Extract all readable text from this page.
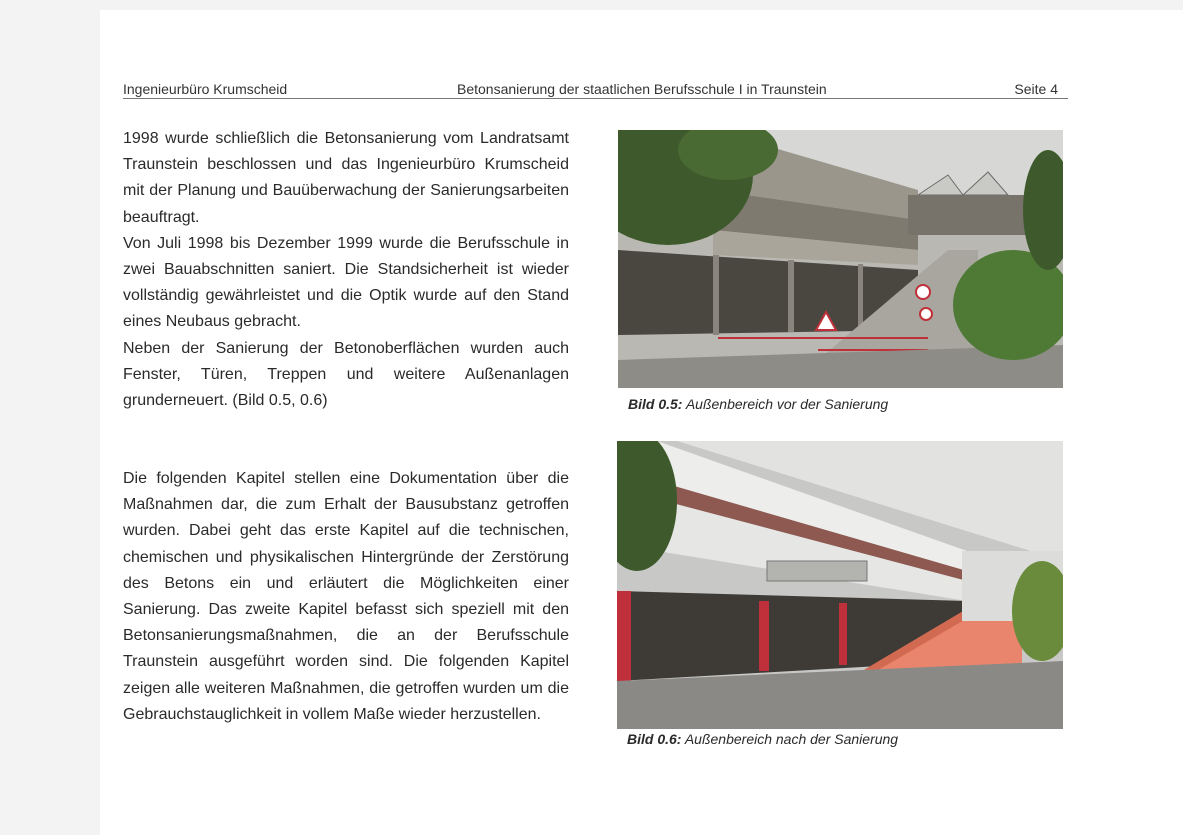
Ingenieurbüro Krumscheid	Betonsanierung der staatlichen Berufsschule I in Traunstein	Seite 4

1998 wurde schließlich die Betonsanierung vom Landratsamt Traunstein beschlossen und das Ingenieurbüro Krumscheid mit der Planung und Bauüberwachung der Sanierungsarbeiten beauftragt.

Von Juli 1998 bis Dezember 1999 wurde die Berufsschule in zwei Bauabschnitten saniert. Die Standsicherheit ist wieder vollständig gewährleistet und die Optik wurde auf den Stand eines Neubaus gebracht.

Neben der Sanierung der Betonoberflächen wurden auch Fenster, Türen, Treppen und weitere Außenanlagen grunderneuert. (Bild 0.5, 0.6)

Die folgenden Kapitel stellen eine Dokumentation über die Maßnahmen dar, die zum Erhalt der Bausubstanz getroffen wurden. Dabei geht das erste Kapitel auf die technischen, chemischen und physikalischen Hintergründe der Zerstörung des Betons ein und erläutert die Möglichkeiten einer Sanierung. Das zweite Kapitel befasst sich speziell mit den Betonsanierungsmaßnahmen, die an der Berufsschule Traunstein ausgeführt worden sind. Die folgenden Kapitel zeigen alle weiteren Maßnahmen, die getroffen wurden um die Gebrauchstauglichkeit in vollem Maße wieder herzustellen.

Bild 0.5: Außenbereich vor der Sanierung
Bild 0.6: Außenbereich nach der Sanierung
